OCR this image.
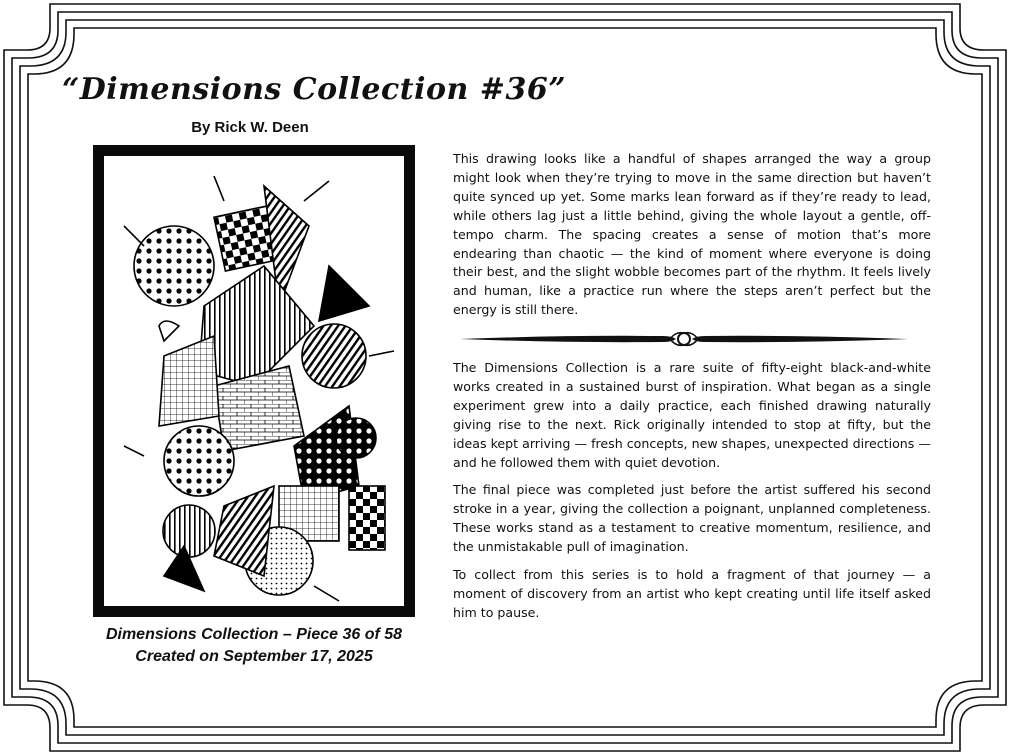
“Dimensions Collection #36”
By Rick W. Deen
Dimensions Collection – Piece 36 of 58
Created on September 17, 2025

This drawing looks like a handful of shapes arranged the way a group might look when they’re trying to move in the same direction but haven’t quite synced up yet. Some marks lean forward as if they’re ready to lead, while others lag just a little behind, giving the whole layout a gentle, off-tempo charm. The spacing creates a sense of motion that’s more endearing than chaotic — the kind of moment where everyone is doing their best, and the slight wobble becomes part of the rhythm. It feels lively and human, like a practice run where the steps aren’t perfect but the energy is still there.

The Dimensions Collection is a rare suite of fifty-eight black-and-white works created in a sustained burst of inspiration. What began as a single experiment grew into a daily practice, each finished drawing naturally giving rise to the next. Rick originally intended to stop at fifty, but the ideas kept arriving — fresh concepts, new shapes, unexpected directions — and he followed them with quiet devotion.

The final piece was completed just before the artist suffered his second stroke in a year, giving the collection a poignant, unplanned completeness. These works stand as a testament to creative momentum, resilience, and the unmistakable pull of imagination.

To collect from this series is to hold a fragment of that journey — a moment of discovery from an artist who kept creating until life itself asked him to pause.
